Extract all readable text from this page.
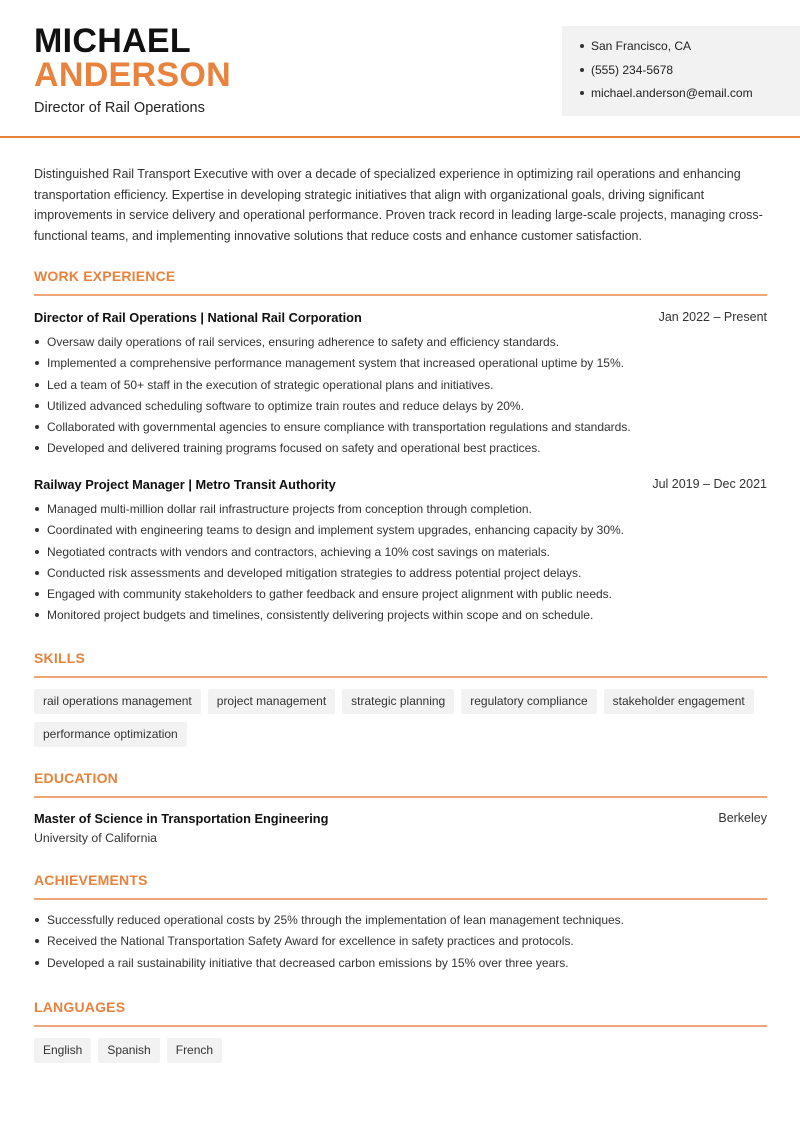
MICHAEL
ANDERSON
Director of Rail Operations
San Francisco, CA
(555) 234-5678
michael.anderson@email.com

Distinguished Rail Transport Executive with over a decade of specialized experience in optimizing rail operations and enhancing transportation efficiency. Expertise in developing strategic initiatives that align with organizational goals, driving significant improvements in service delivery and operational performance. Proven track record in leading large-scale projects, managing cross-functional teams, and implementing innovative solutions that reduce costs and enhance customer satisfaction.

WORK EXPERIENCE
Director of Rail Operations | National Rail Corporation	Jan 2022 – Present
Oversaw daily operations of rail services, ensuring adherence to safety and efficiency standards.
Implemented a comprehensive performance management system that increased operational uptime by 15%.
Led a team of 50+ staff in the execution of strategic operational plans and initiatives.
Utilized advanced scheduling software to optimize train routes and reduce delays by 20%.
Collaborated with governmental agencies to ensure compliance with transportation regulations and standards.
Developed and delivered training programs focused on safety and operational best practices.
Railway Project Manager | Metro Transit Authority	Jul 2019 – Dec 2021
Managed multi-million dollar rail infrastructure projects from conception through completion.
Coordinated with engineering teams to design and implement system upgrades, enhancing capacity by 30%.
Negotiated contracts with vendors and contractors, achieving a 10% cost savings on materials.
Conducted risk assessments and developed mitigation strategies to address potential project delays.
Engaged with community stakeholders to gather feedback and ensure project alignment with public needs.
Monitored project budgets and timelines, consistently delivering projects within scope and on schedule.
SKILLS
rail operations management	project management	strategic planning	regulatory compliance	stakeholder engagement
performance optimization
EDUCATION
Master of Science in Transportation Engineering	Berkeley
University of California
ACHIEVEMENTS
Successfully reduced operational costs by 25% through the implementation of lean management techniques.
Received the National Transportation Safety Award for excellence in safety practices and protocols.
Developed a rail sustainability initiative that decreased carbon emissions by 15% over three years.
LANGUAGES
English	Spanish	French
